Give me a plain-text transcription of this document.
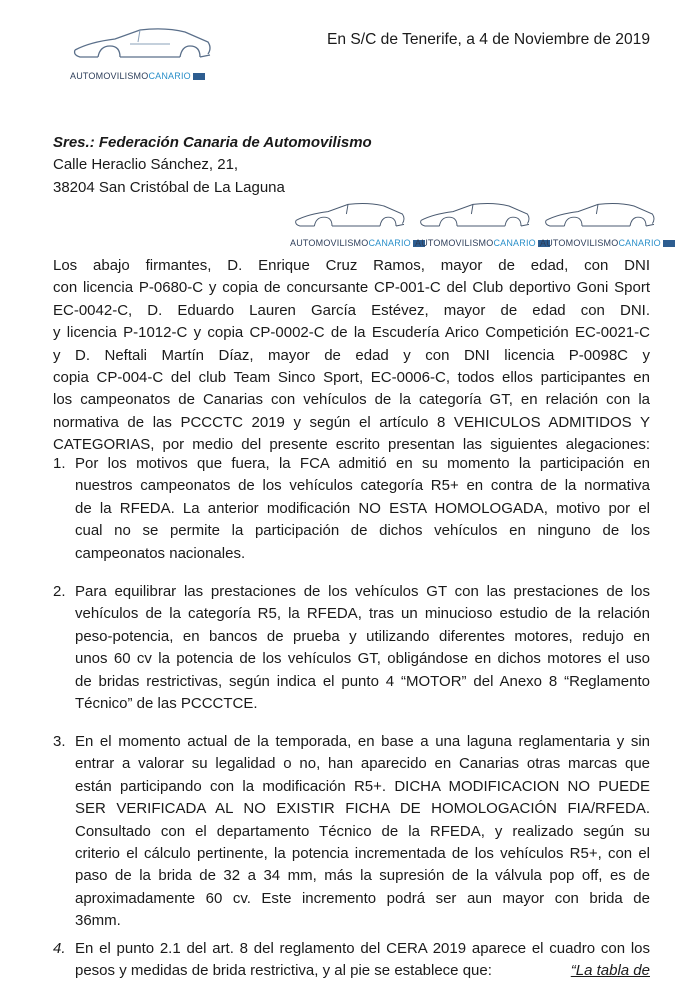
AUTOMOVILISMOCANARIO
En S/C de Tenerife, a 4 de Noviembre de 2019
Sres.: Federación Canaria de Automovilismo
Calle Heraclio Sánchez, 21,
38204 San Cristóbal de La Laguna
AUTOMOVILISMOCANARIO AUTOMOVILISMOCANARIO AUTOMOVILISMOCANARIO
Los abajo firmantes, D. Enrique Cruz Ramos, mayor de edad, con DNI
con licencia P-0680-C y copia de concursante CP-001-C del Club deportivo Goni Sport
EC-0042-C, D. Eduardo Lauren García Estévez, mayor de edad con DNI.
y licencia P-1012-C y copia CP-0002-C de la Escudería Arico Competición EC-0021-C
y D. Neftali Martín Díaz, mayor de edad y con DNI licencia P-0098C y
copia CP-004-C del club Team Sinco Sport, EC-0006-C, todos ellos participantes en
los campeonatos de Canarias con vehículos de la categoría GT, en relación con la
normativa de las PCCCTC 2019 y según el artículo 8 VEHICULOS ADMITIDOS Y
CATEGORIAS, por medio del presente escrito presentan las siguientes alegaciones:
1. Por los motivos que fuera, la FCA admitió en su momento la participación en
nuestros campeonatos de los vehículos categoría R5+ en contra de la normativa
de la RFEDA. La anterior modificación NO ESTA HOMOLOGADA, motivo por el
cual no se permite la participación de dichos vehículos en ninguno de los
campeonatos nacionales.
2. Para equilibrar las prestaciones de los vehículos GT con las prestaciones de los
vehículos de la categoría R5, la RFEDA, tras un minucioso estudio de la relación
peso-potencia, en bancos de prueba y utilizando diferentes motores, redujo en
unos 60 cv la potencia de los vehículos GT, obligándose en dichos motores el uso
de bridas restrictivas, según indica el punto 4 “MOTOR” del Anexo 8 “Reglamento
Técnico” de las PCCCTCE.
3. En el momento actual de la temporada, en base a una laguna reglamentaria y sin
entrar a valorar su legalidad o no, han aparecido en Canarias otras marcas que
están participando con la modificación R5+. DICHA MODIFICACION NO PUEDE
SER VERIFICADA AL NO EXISTIR FICHA DE HOMOLOGACIÓN FIA/RFEDA.
Consultado con el departamento Técnico de la RFEDA, y realizado según su
criterio el cálculo pertinente, la potencia incrementada de los vehículos R5+, con el
paso de la brida de 32 a 34 mm, más la supresión de la válvula pop off, es de
aproximadamente 60 cv. Este incremento podrá ser aun mayor con brida de
36mm.
4. En el punto 2.1 del art. 8 del reglamento del CERA 2019 aparece el cuadro con los
pesos y medidas de brida restrictiva, y al pie se establece que:	“La tabla de
